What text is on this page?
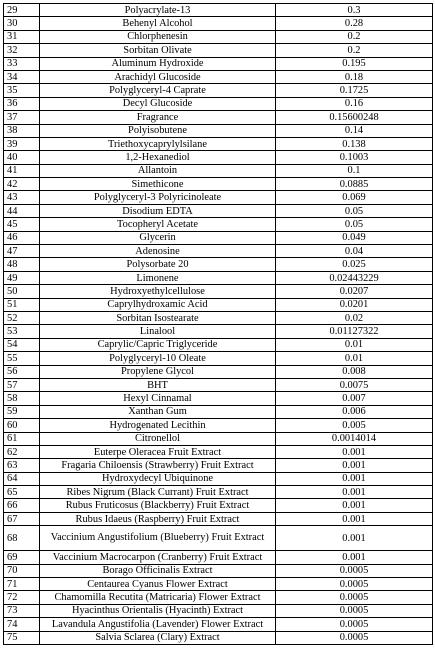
29	Polyacrylate-13	0.3
30	Behenyl Alcohol	0.28
31	Chlorphenesin	0.2
32	Sorbitan Olivate	0.2
33	Aluminum Hydroxide	0.195
34	Arachidyl Glucoside	0.18
35	Polyglyceryl-4 Caprate	0.1725
36	Decyl Glucoside	0.16
37	Fragrance	0.15600248
38	Polyisobutene	0.14
39	Triethoxycaprylylsilane	0.138
40	1,2-Hexanediol	0.1003
41	Allantoin	0.1
42	Simethicone	0.0885
43	Polyglyceryl-3 Polyricinoleate	0.069
44	Disodium EDTA	0.05
45	Tocopheryl Acetate	0.05
46	Glycerin	0.049
47	Adenosine	0.04
48	Polysorbate 20	0.025
49	Limonene	0.02443229
50	Hydroxyethylcellulose	0.0207
51	Caprylhydroxamic Acid	0.0201
52	Sorbitan Isostearate	0.02
53	Linalool	0.01127322
54	Caprylic/Capric Triglyceride	0.01
55	Polyglyceryl-10 Oleate	0.01
56	Propylene Glycol	0.008
57	BHT	0.0075
58	Hexyl Cinnamal	0.007
59	Xanthan Gum	0.006
60	Hydrogenated Lecithin	0.005
61	Citronellol	0.0014014
62	Euterpe Oleracea Fruit Extract	0.001
63	Fragaria Chiloensis (Strawberry) Fruit Extract	0.001
64	Hydroxydecyl Ubiquinone	0.001
65	Ribes Nigrum (Black Currant) Fruit Extract	0.001
66	Rubus Fruticosus (Blackberry) Fruit Extract	0.001
67	Rubus Idaeus (Raspberry) Fruit Extract	0.001
68	Vaccinium Angustifolium (Blueberry) Fruit Extract	0.001
69	Vaccinium Macrocarpon (Cranberry) Fruit Extract	0.001
70	Borago Officinalis Extract	0.0005
71	Centaurea Cyanus Flower Extract	0.0005
72	Chamomilla Recutita (Matricaria) Flower Extract	0.0005
73	Hyacinthus Orientalis (Hyacinth) Extract	0.0005
74	Lavandula Angustifolia (Lavender) Flower Extract	0.0005
75	Salvia Sclarea (Clary) Extract	0.0005
